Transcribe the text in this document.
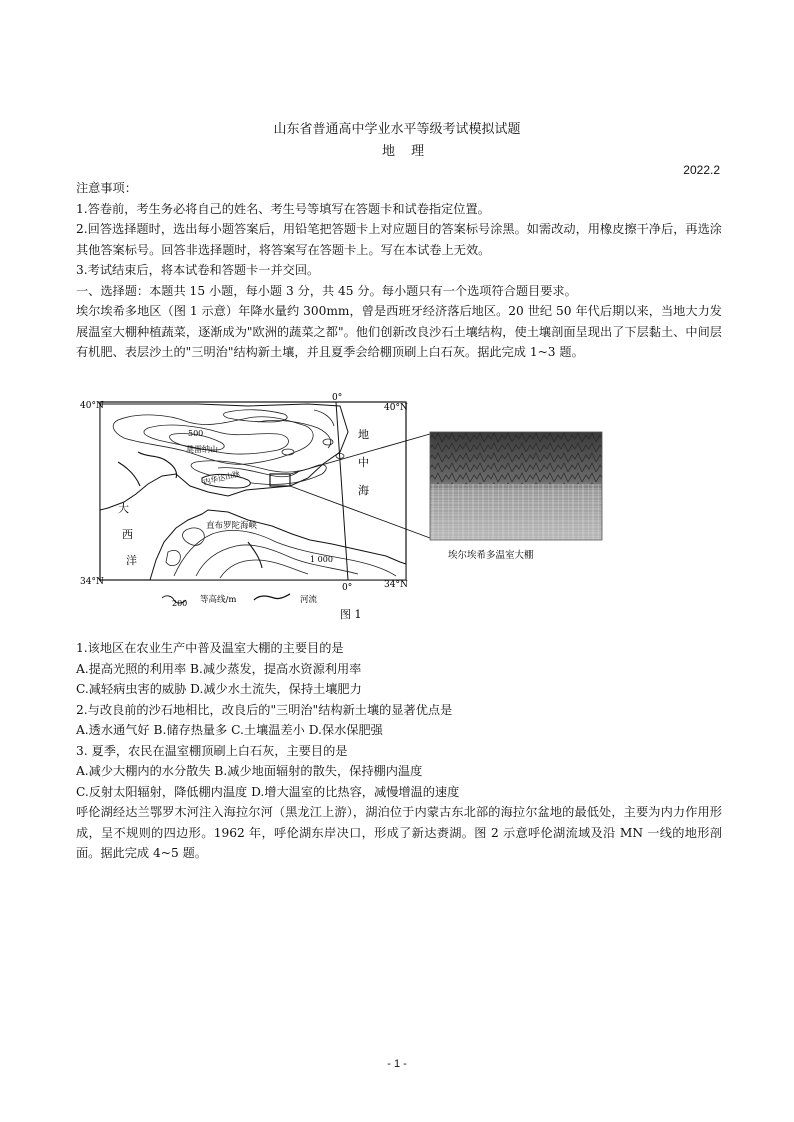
山东省普通高中学业水平等级考试模拟试题
地 理
2022.2

注意事项：

1.答卷前，考生务必将自己的姓名、考生号等填写在答题卡和试卷指定位置。

2.回答选择题时，选出每小题答案后，用铅笔把答题卡上对应题目的答案标号涂黑。如需改动，用橡皮擦干净后，再选涂其他答案标号。回答非选择题时，将答案写在答题卡上。写在本试卷上无效。

3.考试结束后，将本试卷和答题卡一并交回。

一、选择题：本题共 15 小题，每小题 3 分，共 45 分。每小题只有一个选项符合题目要求。

埃尔埃希多地区（图 1 示意）年降水量约 300mm，曾是西班牙经济落后地区。20 世纪 50 年代后期以来，当地大力发展温室大棚种植蔬菜，逐渐成为"欧洲的蔬菜之都"。他们创新改良沙石土壤结构，使土壤剖面呈现出了下层黏土、中间层有机肥、表层沙土的"三明治"结构新土壤，并且夏季会给棚顶刷上白石灰。据此完成 1~3 题。

40°N	40°N
34°N	34°N
0°
0°
地
中
海
大
西
洋
直布罗陀海峡
莫雷纳山
内华达山脉
500
1 000
200 等高线/m	河流
埃尔埃希多温室大棚
图 1

1.该地区在农业生产中普及温室大棚的主要目的是

A.提高光照的利用率 B.减少蒸发，提高水资源利用率

C.减轻病虫害的威胁 D.减少水土流失，保持土壤肥力

2.与改良前的沙石地相比，改良后的"三明治"结构新土壤的显著优点是

A.透水通气好 B.储存热量多 C.土壤温差小 D.保水保肥强

3. 夏季，农民在温室棚顶刷上白石灰，主要目的是

A.减少大棚内的水分散失 B.减少地面辐射的散失，保持棚内温度

C.反射太阳辐射，降低棚内温度 D.增大温室的比热容，减慢增温的速度

呼伦湖经达兰鄂罗木河注入海拉尔河（黑龙江上游），湖泊位于内蒙古东北部的海拉尔盆地的最低处，主要为内力作用形成，呈不规则的四边形。1962 年，呼伦湖东岸决口，形成了新达赉湖。图 2 示意呼伦湖流域及沿 MN 一线的地形剖面。据此完成 4~5 题。

- 1 -
